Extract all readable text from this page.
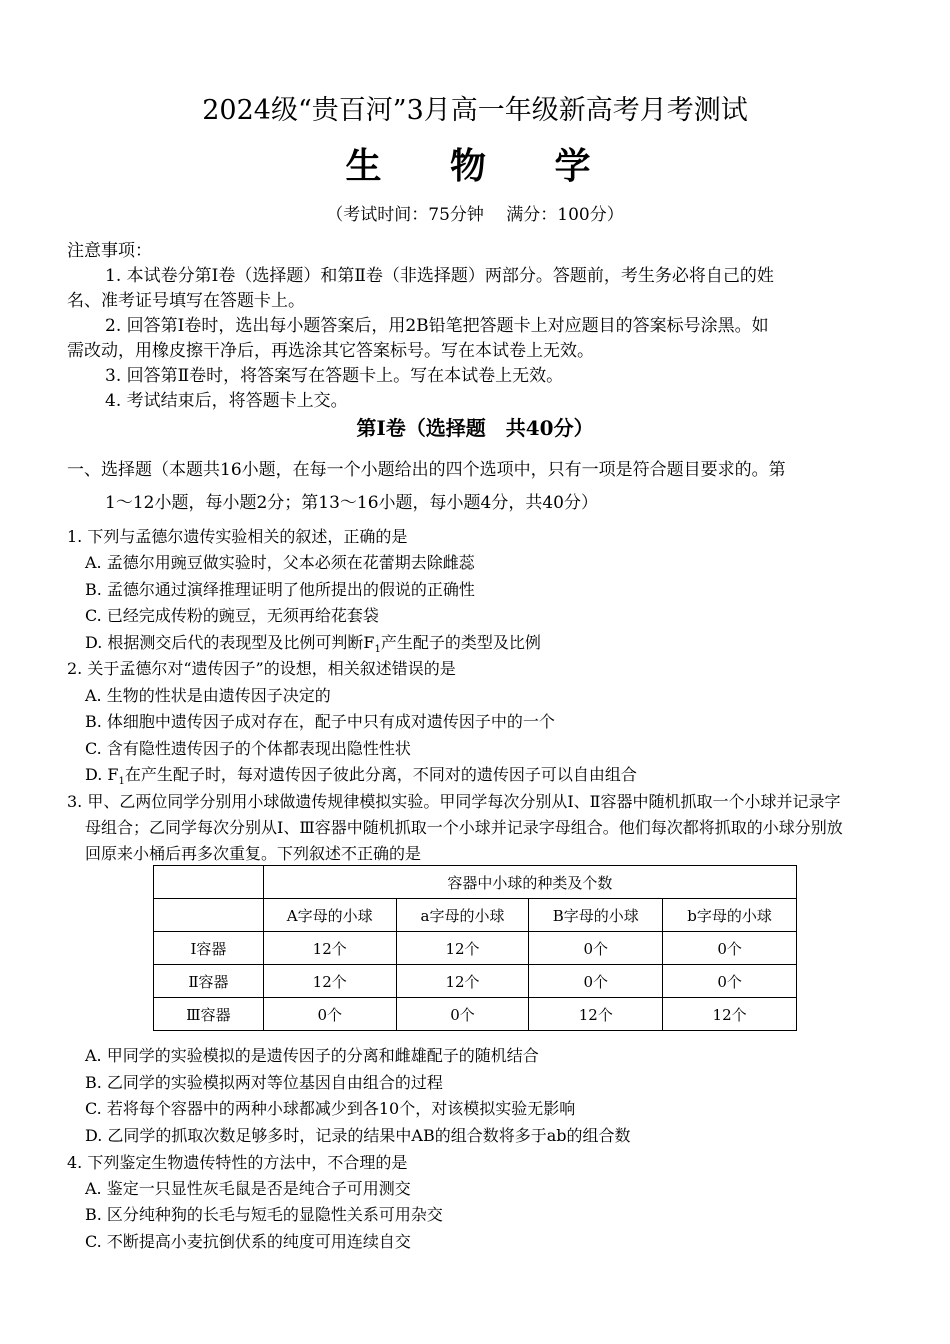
2024级“贵百河”3月高一年级新高考月考测试
生 物 学
（考试时间：75分钟　 满分：100分）
注意事项：
1. 本试卷分第Ⅰ卷（选择题）和第Ⅱ卷（非选择题）两部分。答题前，考生务必将自己的姓
名、准考证号填写在答题卡上。
2. 回答第Ⅰ卷时，选出每小题答案后，用2B铅笔把答题卡上对应题目的答案标号涂黑。如
需改动，用橡皮擦干净后，再选涂其它答案标号。写在本试卷上无效。
3. 回答第Ⅱ卷时，将答案写在答题卡上。写在本试卷上无效。
4. 考试结束后，将答题卡上交。
第Ⅰ卷（选择题　共40分）
一、选择题（本题共16小题，在每一个小题给出的四个选项中，只有一项是符合题目要求的。第
1～12小题，每小题2分；第13～16小题，每小题4分，共40分）
1. 下列与孟德尔遗传实验相关的叙述，正确的是
A. 孟德尔用豌豆做实验时，父本必须在花蕾期去除雌蕊
B. 孟德尔通过演绎推理证明了他所提出的假说的正确性
C. 已经完成传粉的豌豆，无须再给花套袋
D. 根据测交后代的表现型及比例可判断$F_1$产生配子的类型及比例
2. 关于孟德尔对“遗传因子”的设想，相关叙述错误的是
A. 生物的性状是由遗传因子决定的
B. 体细胞中遗传因子成对存在，配子中只有成对遗传因子中的一个
C. 含有隐性遗传因子的个体都表现出隐性性状
D. $F_1$在产生配子时，每对遗传因子彼此分离，不同对的遗传因子可以自由组合
3. 甲、乙两位同学分别用小球做遗传规律模拟实验。甲同学每次分别从Ⅰ、Ⅱ容器中随机抓取一个小球并记录字
母组合；乙同学每次分别从Ⅰ、Ⅲ容器中随机抓取一个小球并记录字母组合。他们每次都将抓取的小球分别放
回原来小桶后再多次重复。下列叙述不正确的是
	容器中小球的种类及个数			
	A字母的小球	a字母的小球	B字母的小球	b字母的小球
Ⅰ容器	12个	12个	0个	0个
Ⅱ容器	12个	12个	0个	0个
Ⅲ容器	0个	0个	12个	12个
A. 甲同学的实验模拟的是遗传因子的分离和雌雄配子的随机结合
B. 乙同学的实验模拟两对等位基因自由组合的过程
C. 若将每个容器中的两种小球都减少到各10个，对该模拟实验无影响
D. 乙同学的抓取次数足够多时，记录的结果中AB的组合数将多于ab的组合数
4. 下列鉴定生物遗传特性的方法中，不合理的是
A. 鉴定一只显性灰毛鼠是否是纯合子可用测交
B. 区分纯种狗的长毛与短毛的显隐性关系可用杂交
C. 不断提高小麦抗倒伏系的纯度可用连续自交
